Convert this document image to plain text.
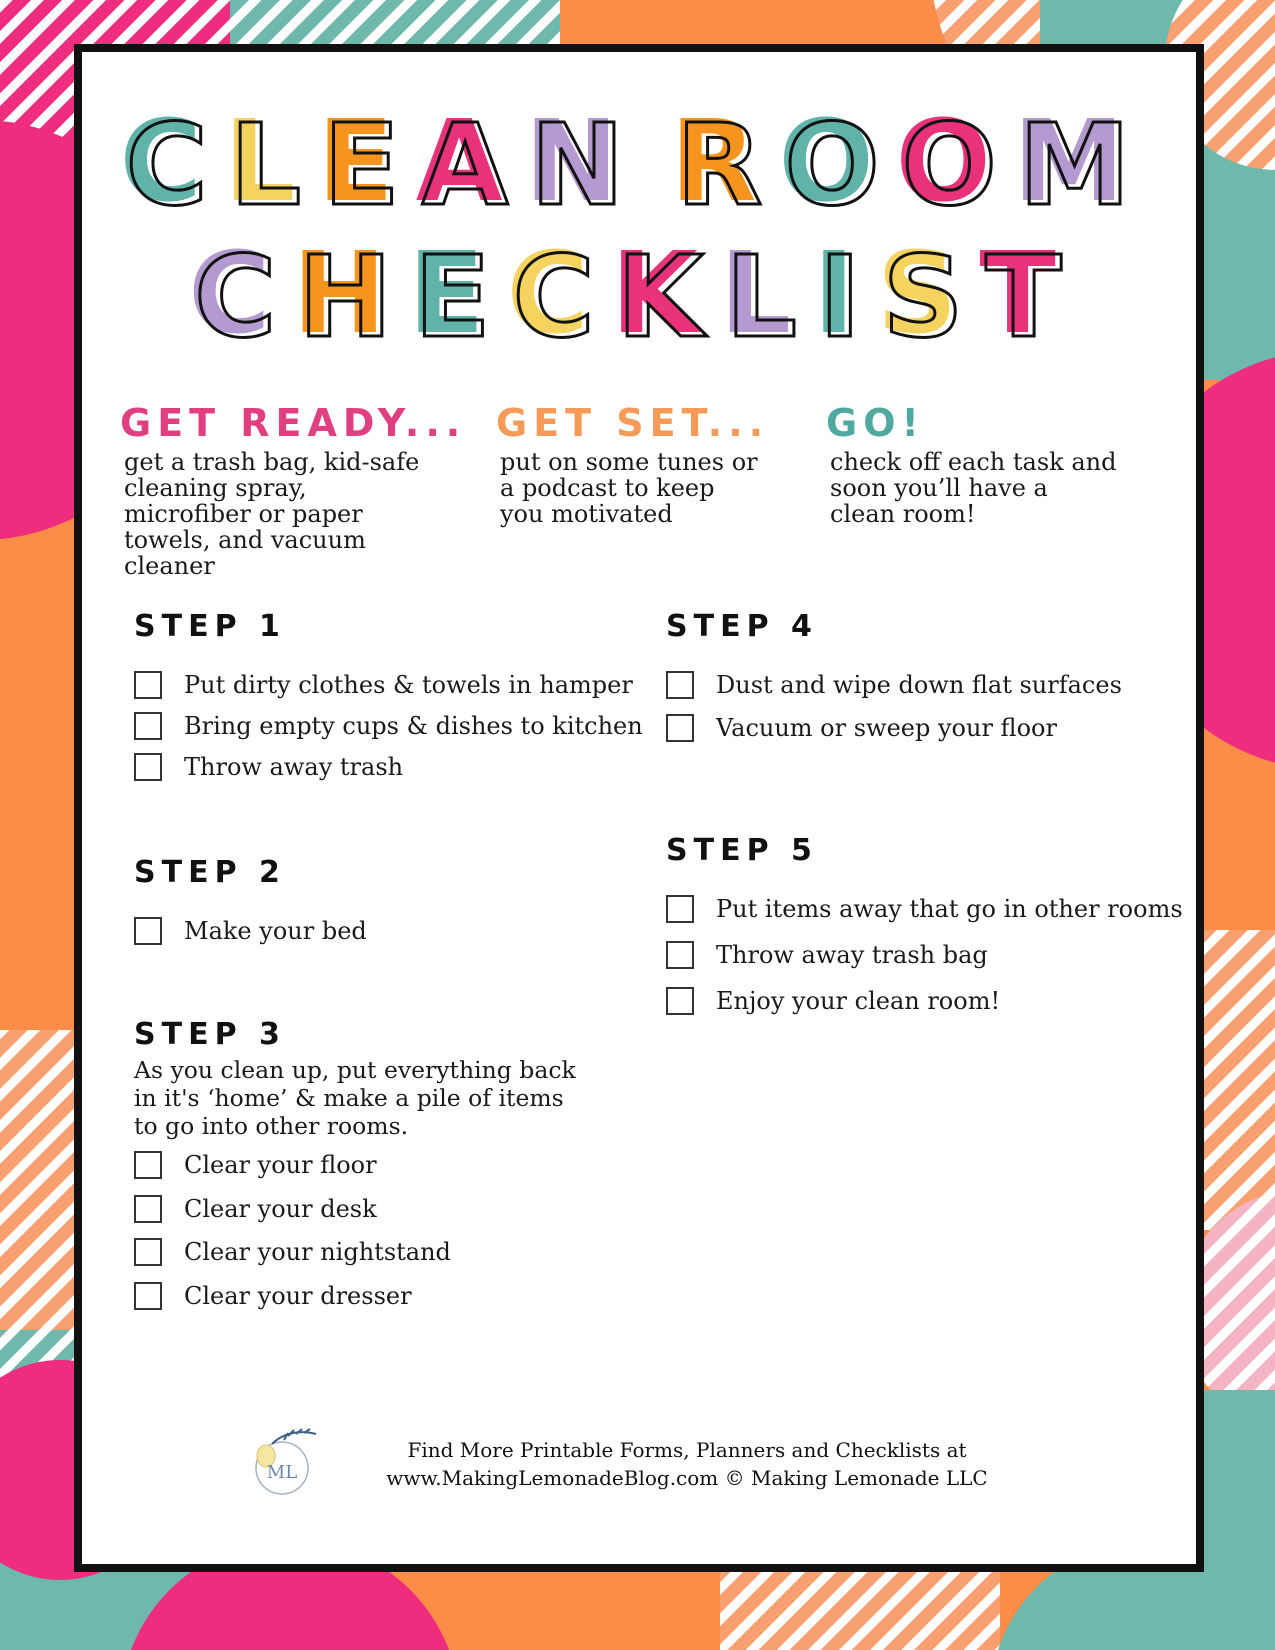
CLEAN ROOM
CHECKLIST
GET READY...
get a trash bag, kid-safe cleaning spray, microfiber or paper towels, and vacuum cleaner
GET SET...
put on some tunes or a podcast to keep you motivated
GO!
check off each task and soon you’ll have a clean room!
STEP 1
Put dirty clothes & towels in hamper
Bring empty cups & dishes to kitchen
Throw away trash
STEP 2
Make your bed
STEP 3
As you clean up, put everything back in it's ‘home’ & make a pile of items to go into other rooms.
Clear your floor
Clear your desk
Clear your nightstand
Clear your dresser
STEP 4
Dust and wipe down flat surfaces
Vacuum or sweep your floor
STEP 5
Put items away that go in other rooms
Throw away trash bag
Enjoy your clean room!
ML
Find More Printable Forms, Planners and Checklists at
www.MakingLemonadeBlog.com © Making Lemonade LLC
